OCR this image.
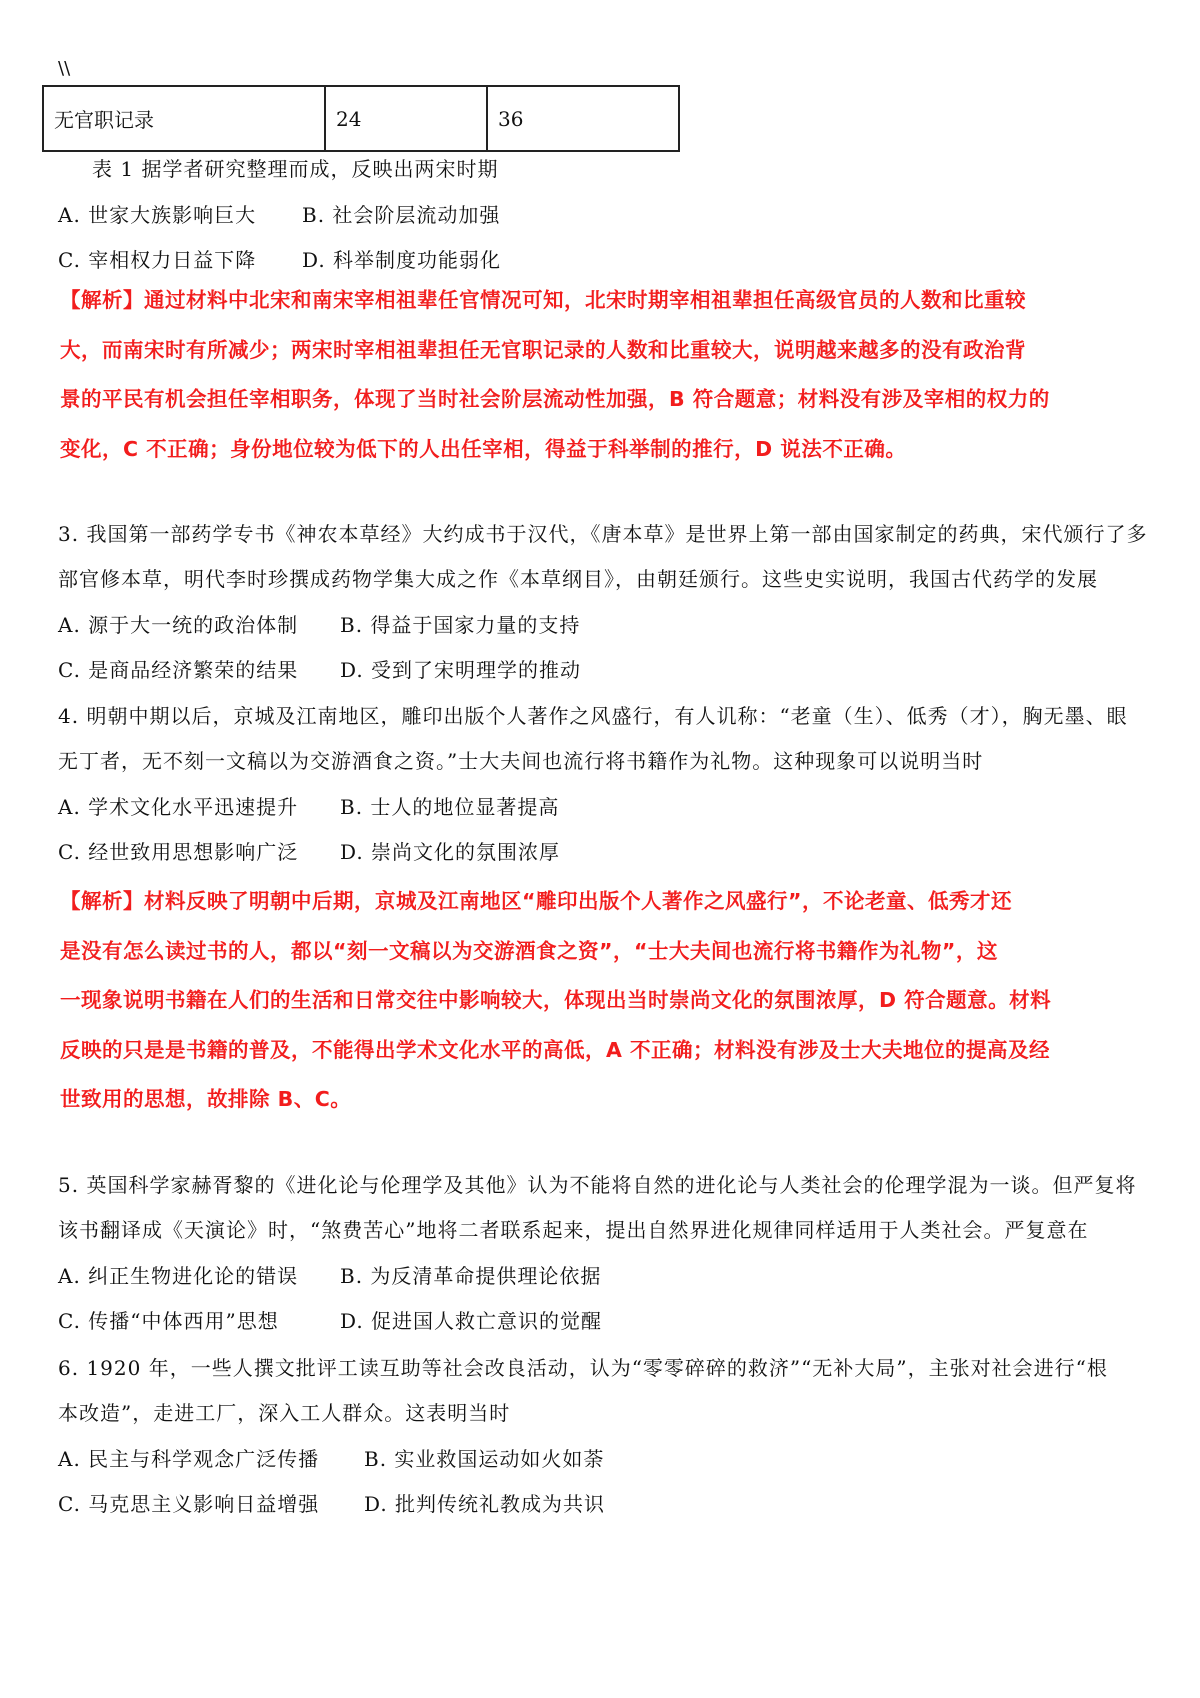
\\
无官职记录	24	36
表 1 据学者研究整理而成，反映出两宋时期
A. 世家大族影响巨大 B. 社会阶层流动加强
C. 宰相权力日益下降 D. 科举制度功能弱化

【解析】通过材料中北宋和南宋宰相祖辈任官情况可知，北宋时期宰相祖辈担任高级官员的人数和比重较

大，而南宋时有所减少；两宋时宰相祖辈担任无官职记录的人数和比重较大，说明越来越多的没有政治背

景的平民有机会担任宰相职务，体现了当时社会阶层流动性加强，B 符合题意；材料没有涉及宰相的权力的

变化，C 不正确；身份地位较为低下的人出任宰相，得益于科举制的推行，D 说法不正确。

3. 我国第一部药学专书《神农本草经》大约成书于汉代，《唐本草》是世界上第一部由国家制定的药典，宋代颁行了多
部官修本草，明代李时珍撰成药物学集大成之作《本草纲目》，由朝廷颁行。这些史实说明，我国古代药学的发展
A. 源于大一统的政治体制 B. 得益于国家力量的支持
C. 是商品经济繁荣的结果 D. 受到了宋明理学的推动
4. 明朝中期以后，京城及江南地区，雕印出版个人著作之风盛行，有人讥称：“老童（生）、低秀（才），胸无墨、眼
无丁者，无不刻一文稿以为交游酒食之资。”士大夫间也流行将书籍作为礼物。这种现象可以说明当时
A. 学术文化水平迅速提升 B. 士人的地位显著提高
C. 经世致用思想影响广泛 D. 崇尚文化的氛围浓厚

【解析】材料反映了明朝中后期，京城及江南地区“雕印出版个人著作之风盛行”，不论老童、低秀才还

是没有怎么读过书的人，都以“刻一文稿以为交游酒食之资”，“士大夫间也流行将书籍作为礼物”，这

一现象说明书籍在人们的生活和日常交往中影响较大，体现出当时崇尚文化的氛围浓厚，D 符合题意。材料

反映的只是是书籍的普及，不能得出学术文化水平的高低，A 不正确；材料没有涉及士大夫地位的提高及经

世致用的思想，故排除 B、C。

5. 英国科学家赫胥黎的《进化论与伦理学及其他》认为不能将自然的进化论与人类社会的伦理学混为一谈。但严复将
该书翻译成《天演论》时，“煞费苦心”地将二者联系起来，提出自然界进化规律同样适用于人类社会。严复意在
A. 纠正生物进化论的错误 B. 为反清革命提供理论依据
C. 传播“中体西用”思想	D. 促进国人救亡意识的觉醒
6. 1920 年，一些人撰文批评工读互助等社会改良活动，认为“零零碎碎的救济”“无补大局”，主张对社会进行“根
本改造”，走进工厂，深入工人群众。这表明当时
A. 民主与科学观念广泛传播 B. 实业救国运动如火如荼
C. 马克思主义影响日益增强 D. 批判传统礼教成为共识
